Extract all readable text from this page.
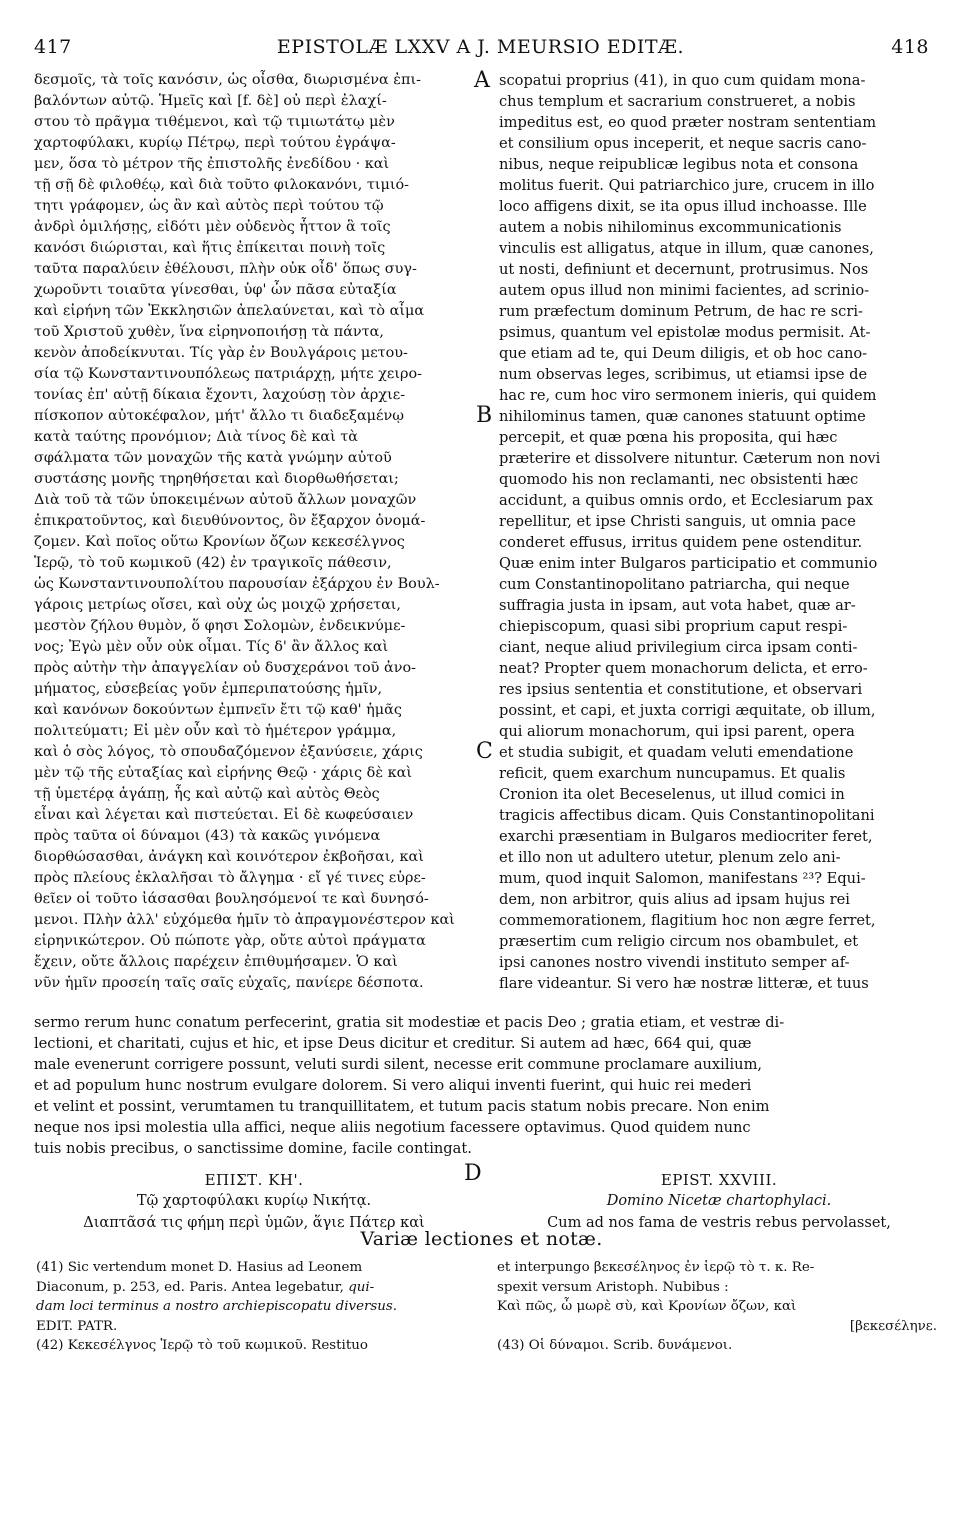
417	EPISTOLÆ LXXV A J. MEURSIO EDITÆ.	418
δεσμοῖς, τὰ τοῖς κανόσιν, ὡς οἶσθα, διωρισμένα ἐπι-
βαλόντων αὐτῷ. Ἡμεῖς καὶ [f. δὲ] οὐ περὶ ἐλαχί-
στου τὸ πρᾶγμα τιθέμενοι, καὶ τῷ τιμιωτάτῳ μὲν
χαρτοφύλακι, κυρίῳ Πέτρῳ, περὶ τούτου ἐγράψα-
μεν, ὅσα τὸ μέτρον τῆς ἐπιστολῆς ἐνεδίδου · καὶ
τῇ σῇ δὲ φιλοθέῳ, καὶ διὰ τοῦτο φιλοκανόνι, τιμιό-
τητι γράφομεν, ὡς ἂν καὶ αὐτὸς περὶ τούτου τῷ
ἀνδρὶ ὁμιλήσῃς, εἰδότι μὲν οὐδενὸς ἧττον ἃ τοῖς
κανόσι διώρισται, καὶ ἥτις ἐπίκειται ποινὴ τοῖς
ταῦτα παραλύειν ἐθέλουσι, πλὴν οὐκ οἶδ' ὅπως συγ-
χωροῦντι τοιαῦτα γίνεσθαι, ὑφ' ὧν πᾶσα εὐταξία
καὶ εἰρήνη τῶν Ἐκκλησιῶν ἀπελαύνεται, καὶ τὸ αἷμα
τοῦ Χριστοῦ χυθὲν, ἵνα εἰρηνοποιήσῃ τὰ πάντα,
κενὸν ἀποδείκνυται. Τίς γὰρ ἐν Βουλγάροις μετου-
σία τῷ Κωνσταντινουπόλεως πατριάρχῃ, μήτε χειρο-
τονίας ἐπ' αὐτῇ δίκαια ἔχοντι, λαχούσῃ τὸν ἀρχιε-
πίσκοπον αὐτοκέφαλον, μήτ' ἄλλο τι διαδεξαμένῳ
κατὰ ταύτης προνόμιον; Διὰ τίνος δὲ καὶ τὰ
σφάλματα τῶν μοναχῶν τῆς κατὰ γνώμην αὐτοῦ
συστάσης μονῆς τηρηθήσεται καὶ διορθωθήσεται;
Διὰ τοῦ τὰ τῶν ὑποκειμένων αὐτοῦ ἄλλων μοναχῶν
ἐπικρατοῦντος, καὶ διευθύνοντος, ὃν ἔξαρχον ὀνομά-
ζομεν. Καὶ ποῖος οὕτω Κρονίων ὄζων κεκεσέλγνος
Ἱερῷ, τὸ τοῦ κωμικοῦ (42) ἐν τραγικοῖς πάθεσιν,
ὡς Κωνσταντινουπολίτου παρουσίαν ἐξάρχου ἐν Βουλ-
γάροις μετρίως οἴσει, καὶ οὐχ ὡς μοιχῷ χρήσεται,
μεστὸν ζήλου θυμὸν, ὅ φησι Σολομὼν, ἐνδεικνύμε-
νος; Ἐγὼ μὲν οὖν οὐκ οἶμαι. Τίς δ' ἂν ἄλλος καὶ
πρὸς αὐτὴν τὴν ἀπαγγελίαν οὐ δυσχεράνοι τοῦ ἀνο-
μήματος, εὐσεβείας γοῦν ἐμπεριπατούσης ἡμῖν,
καὶ κανόνων δοκούντων ἐμπνεῖν ἔτι τῷ καθ' ἡμᾶς
πολιτεύματι; Εἰ μὲν οὖν καὶ τὸ ἡμέτερον γράμμα,
καὶ ὁ σὸς λόγος, τὸ σπουδαζόμενον ἐξανύσειε, χάρις
μὲν τῷ τῆς εὐταξίας καὶ εἰρήνης Θεῷ · χάρις δὲ καὶ
τῇ ὑμετέρᾳ ἀγάπῃ, ἧς καὶ αὐτῷ καὶ αὐτὸς Θεὸς
εἶναι καὶ λέγεται καὶ πιστεύεται. Εἰ δὲ κωφεύσαιεν
πρὸς ταῦτα οἱ δύναμοι (43) τὰ κακῶς γινόμενα
διορθώσασθαι, ἀνάγκη καὶ κοινότερον ἐκβοῆσαι, καὶ
πρὸς πλείους ἐκλαλῆσαι τὸ ἄλγημα · εἴ γέ τινες εὑρε-
θεῖεν οἱ τοῦτο ἰάσασθαι βουλησόμενοί τε καὶ δυνησό-
μενοι. Πλὴν ἀλλ' εὐχόμεθα ἡμῖν τὸ ἀπραγμονέστερον καὶ
εἰρηνικώτερον. Οὐ πώποτε γὰρ, οὔτε αὐτοὶ πράγματα
ἔχειν, οὔτε ἄλλοις παρέχειν ἐπιθυμήσαμεν. Ὁ καὶ
νῦν ἡμῖν προσείη ταῖς σαῖς εὐχαῖς, πανίερε δέσποτα.
scopatui proprius (41), in quo cum quidam mona-
chus templum et sacrarium construeret, a nobis
impeditus est, eo quod præter nostram sententiam
et consilium opus inceperit, et neque sacris cano-
nibus, neque reipublicæ legibus nota et consona
molitus fuerit. Qui patriarchico jure, crucem in illo
loco affigens dixit, se ita opus illud inchoasse. Ille
autem a nobis nihilominus excommunicationis
vinculis est alligatus, atque in illum, quæ canones,
ut nosti, definiunt et decernunt, protrusimus. Nos
autem opus illud non minimi facientes, ad scrinio-
rum præfectum dominum Petrum, de hac re scri-
psimus, quantum vel epistolæ modus permisit. At-
que etiam ad te, qui Deum diligis, et ob hoc cano-
num observas leges, scribimus, ut etiamsi ipse de
hac re, cum hoc viro sermonem inieris, qui quidem
nihilominus tamen, quæ canones statuunt optime
percepit, et quæ pœna his proposita, qui hæc
præterire et dissolvere nituntur. Cæterum non novi
quomodo his non reclamanti, nec obsistenti hæc
accidunt, a quibus omnis ordo, et Ecclesiarum pax
repellitur, et ipse Christi sanguis, ut omnia pace
conderet effusus, irritus quidem pene ostenditur.
Quæ enim inter Bulgaros participatio et communio
cum Constantinopolitano patriarcha, qui neque
suffragia justa in ipsam, aut vota habet, quæ ar-
chiepiscopum, quasi sibi proprium caput respi-
ciant, neque aliud privilegium circa ipsam conti-
neat? Propter quem monachorum delicta, et erro-
res ipsius sententia et constitutione, et observari
possint, et capi, et juxta corrigi æquitate, ob illum,
qui aliorum monachorum, qui ipsi parent, opera
et studia subigit, et quadam veluti emendatione
reficit, quem exarchum nuncupamus. Et qualis
Cronion ita olet Beceselenus, ut illud comici in
tragicis affectibus dicam. Quis Constantinopolitani
exarchi præsentiam in Bulgaros mediocriter feret,
et illo non ut adultero utetur, plenum zelo ani-
mum, quod inquit Salomon, manifestans ²³? Equi-
dem, non arbitror, quis alius ad ipsam hujus rei
commemorationem, flagitium hoc non ægre ferret,
præsertim cum religio circum nos obambulet, et
ipsi canones nostro vivendi instituto semper af-
flare videantur. Si vero hæ nostræ litteræ, et tuus
A
B
C
D
sermo rerum hunc conatum perfecerint, gratia sit modestiæ et pacis Deo ; gratia etiam, et vestræ di-
lectioni, et charitati, cujus et hic, et ipse Deus dicitur et creditur. Si autem ad hæc, 664 qui, quæ
male evenerunt corrigere possunt, veluti surdi silent, necesse erit commune proclamare auxilium,
et ad populum hunc nostrum evulgare dolorem. Si vero aliqui inventi fuerint, qui huic rei mederi
et velint et possint, verumtamen tu tranquillitatem, et tutum pacis statum nobis precare. Non enim
neque nos ipsi molestia ulla affici, neque aliis negotium facessere optavimus. Quod quidem nunc
tuis nobis precibus, o sanctissime domine, facile contingat.
ΕΠΙΣΤ. ΚΗ'.
Τῷ χαρτοφύλακι κυρίῳ Νικήτᾳ.
Διαπτᾶσά τις φήμη περὶ ὑμῶν, ἅγιε Πάτερ καὶ
EPIST. XXVIII.
Domino Nicetæ chartophylaci.
Cum ad nos fama de vestris rebus pervolasset,
Variæ lectiones et notæ.
(41) Sic vertendum monet D. Hasius ad Leonem
Diaconum, p. 253, ed. Paris. Antea legebatur, qui-
dam loci terminus a nostro archiepiscopatu diversus.
EDIT. PATR.
(42) Κεκεσέλγνος Ἱερῷ τὸ τοῦ κωμικοῦ. Restituo
et interpungo βεκεσέληνος ἐν ἱερῷ τὸ τ. κ. Re-
spexit versum Aristoph. Nubibus :
Καὶ πῶς, ὦ μωρὲ σὺ, καὶ Κρονίων ὄζων, καὶ
[βεκεσέληνε.
(43) Οἱ δύναμοι. Scrib. δυνάμενοι.
